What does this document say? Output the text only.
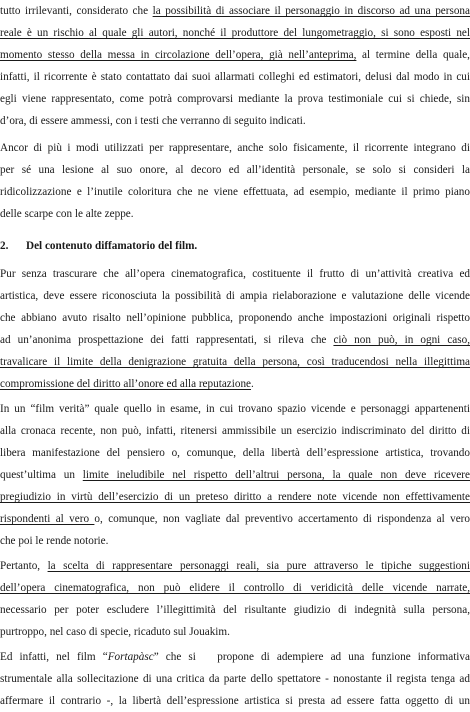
tutto irrilevanti, considerato che la possibilità di associare il personaggio in discorso ad una persona
reale è un rischio al quale gli autori, nonché il produttore del lungometraggio, si sono esposti nel
momento stesso della messa in circolazione dell’opera, già nell’anteprima, al termine della quale,
infatti, il ricorrente è stato contattato dai suoi allarmati colleghi ed estimatori, delusi dal modo in cui
egli viene rappresentato, come potrà comprovarsi mediante la prova testimoniale cui si chiede, sin
d’ora, di essere ammessi, con i testi che verranno di seguito indicati.
Ancor di più i modi utilizzati per rappresentare, anche solo fisicamente, il ricorrente integrano di
per sé una lesione al suo onore, al decoro ed all’identità personale, se solo si consideri la
ridicolizzazione e l’inutile coloritura che ne viene effettuata, ad esempio, mediante il primo piano
delle scarpe con le alte zeppe.
2. Del contenuto diffamatorio del film.
Pur senza trascurare che all’opera cinematografica, costituente il frutto di un’attività creativa ed
artistica, deve essere riconosciuta la possibilità di ampia rielaborazione e valutazione delle vicende
che abbiano avuto risalto nell’opinione pubblica, proponendo anche impostazioni originali rispetto
ad un’anonima prospettazione dei fatti rappresentati, si rileva che ciò non può, in ogni caso,
travalicare il limite della denigrazione gratuita della persona, così traducendosi nella illegittima
compromissione del diritto all’onore ed alla reputazione.
In un “film verità” quale quello in esame, in cui trovano spazio vicende e personaggi appartenenti
alla cronaca recente, non può, infatti, ritenersi ammissibile un esercizio indiscriminato del diritto di
libera manifestazione del pensiero o, comunque, della libertà dell’espressione artistica, trovando
quest’ultima un limite ineludibile nel rispetto dell’altrui persona, la quale non deve ricevere
pregiudizio in virtù dell’esercizio di un preteso diritto a rendere note vicende non effettivamente
rispondenti al vero o, comunque, non vagliate dal preventivo accertamento di rispondenza al vero
che poi le rende notorie.
Pertanto, la scelta di rappresentare personaggi reali, sia pure attraverso le tipiche suggestioni
dell’opera cinematografica, non può elidere il controllo di veridicità delle vicende narrate,
necessario per poter escludere l’illegittimità del risultante giudizio di indegnità sulla persona,
purtroppo, nel caso di specie, ricaduto sul Jouakim.
Ed infatti, nel film “Fortapàsc” che si   propone di adempiere ad una funzione informativa
strumentale alla sollecitazione di una critica da parte dello spettatore - nonostante il regista tenga ad
affermare il contrario -, la libertà dell’espressione artistica si presta ad essere fatta oggetto di un
